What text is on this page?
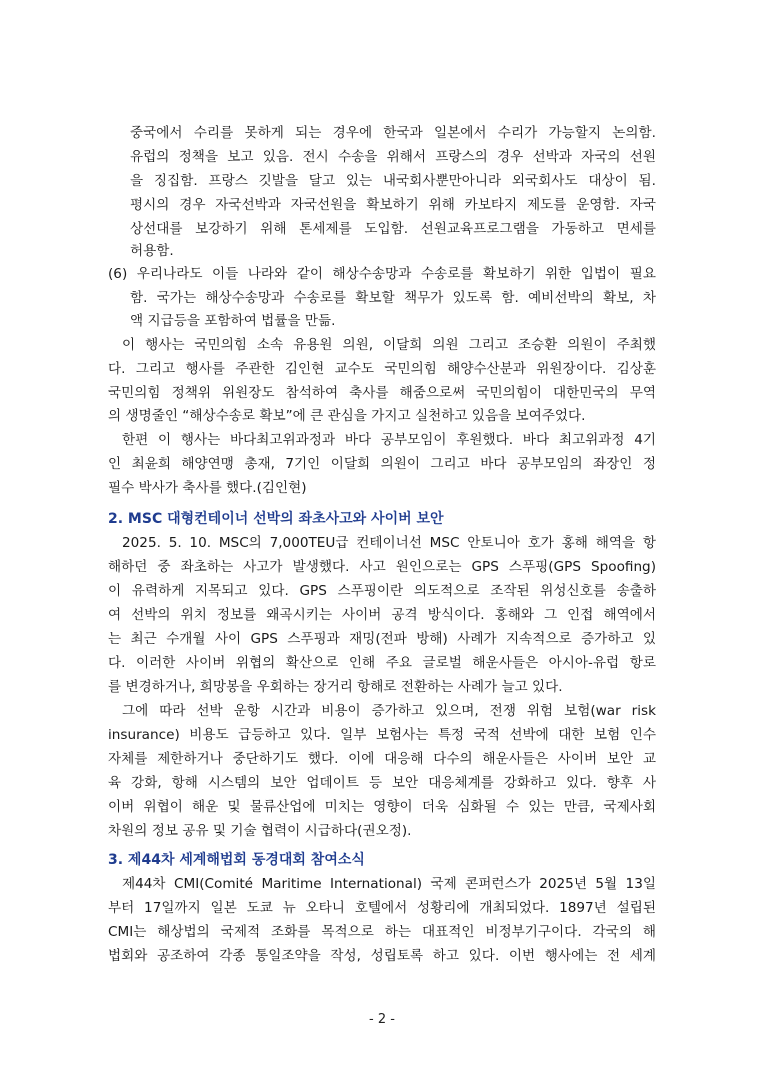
중국에서 수리를 못하게 되는 경우에 한국과 일본에서 수리가 가능할지 논의함.

유럽의 정책을 보고 있음. 전시 수송을 위해서 프랑스의 경우 선박과 자국의 선원

을 징집함. 프랑스 깃발을 달고 있는 내국회사뿐만아니라 외국회사도 대상이 됨.

평시의 경우 자국선박과 자국선원을 확보하기 위해 카보타지 제도를 운영함. 자국

상선대를 보강하기 위해 톤세제를 도입함. 선원교육프로그램을 가동하고 면세를

허용함.

(6) 우리나라도 이들 나라와 같이 해상수송망과 수송로를 확보하기 위한 입법이 필요

함. 국가는 해상수송망과 수송로를 확보할 책무가 있도록 함. 예비선박의 확보, 차

액 지급등을 포함하여 법률을 만듦.

이 행사는 국민의힘 소속 유용원 의원, 이달희 의원 그리고 조승환 의원이 주최했

다. 그리고 행사를 주관한 김인현 교수도 국민의힘 해양수산분과 위원장이다. 김상훈

국민의힘 정책위 위원장도 참석하여 축사를 해줌으로써 국민의힘이 대한민국의 무역

의 생명줄인 “해상수송로 확보”에 큰 관심을 가지고 실천하고 있음을 보여주었다.

한편 이 행사는 바다최고위과정과 바다 공부모임이 후원했다. 바다 최고위과정 4기

인 최윤희 해양연맹 총재, 7기인 이달희 의원이 그리고 바다 공부모임의 좌장인 정

필수 박사가 축사를 했다.(김인현)

2. MSC 대형컨테이너 선박의 좌초사고와 사이버 보안

2025. 5. 10. MSC의 7,000TEU급 컨테이너선 MSC 안토니아 호가 홍해 해역을 항

해하던 중 좌초하는 사고가 발생했다. 사고 원인으로는 GPS 스푸핑(GPS Spoofing)

이 유력하게 지목되고 있다. GPS 스푸핑이란 의도적으로 조작된 위성신호를 송출하

여 선박의 위치 정보를 왜곡시키는 사이버 공격 방식이다. 홍해와 그 인접 해역에서

는 최근 수개월 사이 GPS 스푸핑과 재밍(전파 방해) 사례가 지속적으로 증가하고 있

다. 이러한 사이버 위협의 확산으로 인해 주요 글로벌 해운사들은 아시아-유럽 항로

를 변경하거나, 희망봉을 우회하는 장거리 항해로 전환하는 사례가 늘고 있다.

그에 따라 선박 운항 시간과 비용이 증가하고 있으며, 전쟁 위험 보험(war risk

insurance) 비용도 급등하고 있다. 일부 보험사는 특정 국적 선박에 대한 보험 인수

자체를 제한하거나 중단하기도 했다. 이에 대응해 다수의 해운사들은 사이버 보안 교

육 강화, 항해 시스템의 보안 업데이트 등 보안 대응체계를 강화하고 있다. 향후 사

이버 위협이 해운 및 물류산업에 미치는 영향이 더욱 심화될 수 있는 만큼, 국제사회

차원의 정보 공유 및 기술 협력이 시급하다(권오정).

3. 제44차 세계해법회 동경대회 참여소식

제44차 CMI(Comité Maritime International) 국제 콘퍼런스가 2025년 5월 13일

부터 17일까지 일본 도쿄 뉴 오타니 호텔에서 성황리에 개최되었다. 1897년 설립된

CMI는 해상법의 국제적 조화를 목적으로 하는 대표적인 비정부기구이다. 각국의 해

법회와 공조하여 각종 통일조약을 작성, 성립토록 하고 있다. 이번 행사에는 전 세계

- 2 -
